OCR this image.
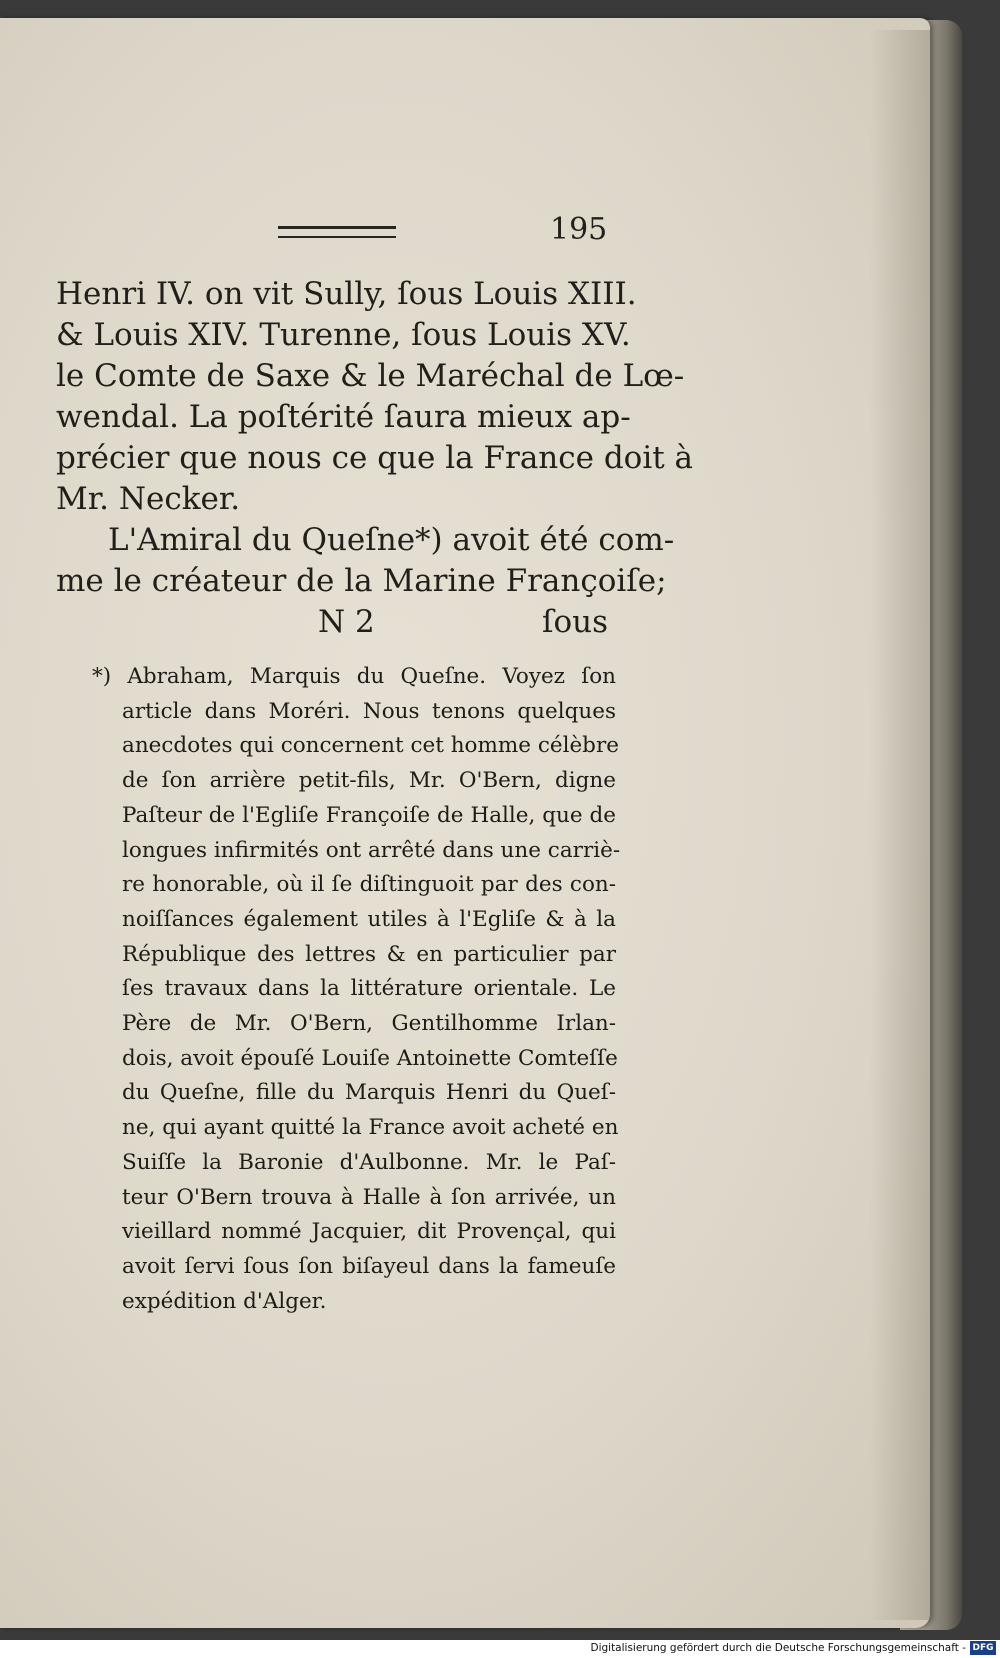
195
Henri IV. on vit Sully, ſous Louis XIII.
& Louis XIV. Turenne, ſous Louis XV.
le Comte de Saxe & le Maréchal de Lœ-
wendal. La poſtérité ſaura mieux ap-
précier que nous ce que la France doit à
Mr. Necker.
L'Amiral du Queſne*) avoit été com-
me le créateur de la Marine Françoiſe;
N 2	ſous
*) Abraham, Marquis du Queſne. Voyez ſon
article dans Moréri. Nous tenons quelques
anecdotes qui concernent cet homme célèbre
de ſon arrière petit-fils, Mr. O'Bern, digne
Paſteur de l'Egliſe Françoiſe de Halle, que de
longues infirmités ont arrêté dans une carriè-
re honorable, où il ſe diſtinguoit par des con-
noiſſances également utiles à l'Egliſe & à la
République des lettres & en particulier par
ſes travaux dans la littérature orientale. Le
Père de Mr. O'Bern, Gentilhomme Irlan-
dois, avoit épouſé Louiſe Antoinette Comteſſe
du Queſne, fille du Marquis Henri du Queſ-
ne, qui ayant quitté la France avoit acheté en
Suiſſe la Baronie d'Aulbonne. Mr. le Paſ-
teur O'Bern trouva à Halle à ſon arrivée, un
vieillard nommé Jacquier, dit Provençal, qui
avoit ſervi ſous ſon biſayeul dans la fameuſe
expédition d'Alger.
Digitalisierung gefördert durch die Deutsche Forschungsgemeinschaft - DFG
